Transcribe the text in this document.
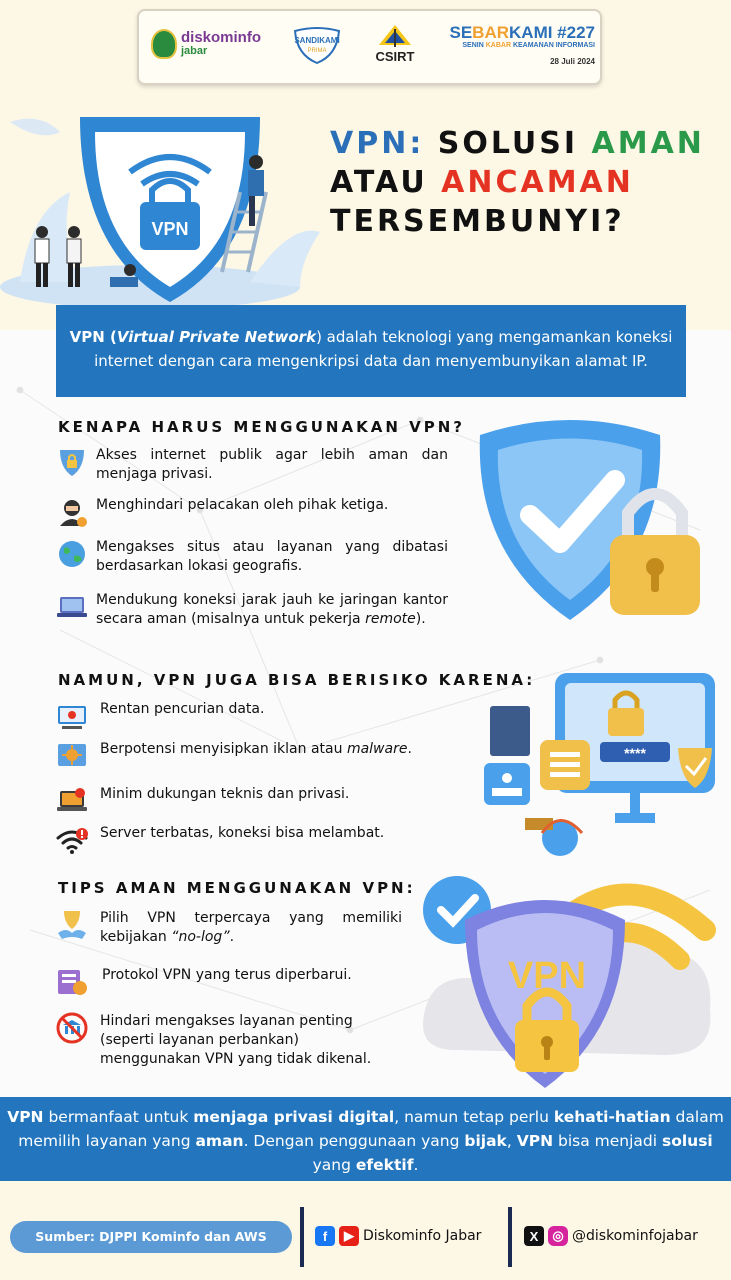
diskominfo
jabar
SANDIKAMI
PRIMA	CSIRT
SEBARKAMI #227
SENIN KABAR KEAMANAN INFORMASI
28 Juli 2024
VPN
VPN: SOLUSI AMAN
ATAU ANCAMAN
TERSEMBUNYI?
VPN (Virtual Private Network) adalah teknologi yang mengamankan koneksi internet dengan cara mengenkripsi data dan menyembunyikan alamat IP.
KENAPA HARUS MENGGUNAKAN VPN?
Akses internet publik agar lebih aman dan menjaga privasi.
Menghindari pelacakan oleh pihak ketiga.
Mengakses situs atau layanan yang dibatasi berdasarkan lokasi geografis.
Mendukung koneksi jarak jauh ke jaringan kantor secara aman (misalnya untuk pekerja remote).
NAMUN, VPN JUGA BISA BERISIKO KARENA:
Rentan pencurian data.
Berpotensi menyisipkan iklan atau malware.
Minim dukungan teknis dan privasi.
Server terbatas, koneksi bisa melambat.
****
TIPS AMAN MENGGUNAKAN VPN:
Pilih VPN terpercaya yang memiliki kebijakan “no-log”.
Protokol VPN yang terus diperbarui.
Hindari mengakses layanan penting (seperti layanan perbankan) menggunakan VPN yang tidak dikenal.
VPN
VPN bermanfaat untuk menjaga privasi digital, namun tetap perlu kehati-hatian dalam memilih layanan yang aman. Dengan penggunaan yang bijak, VPN bisa menjadi solusi yang efektif.
Sumber: DJPPI Kominfo dan AWS	f	▶ Diskominfo Jabar	X	◎ @diskominfojabar
